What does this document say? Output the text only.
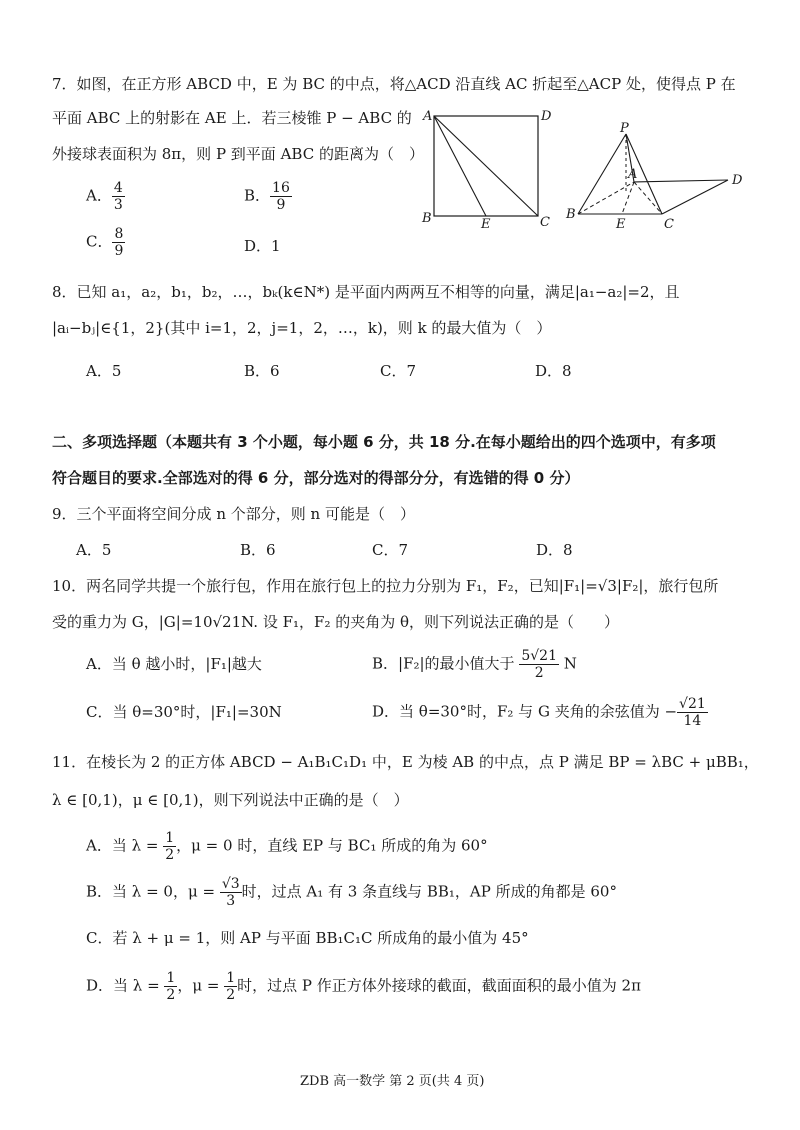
7．如图，在正方形 ABCD 中，E 为 BC 的中点，将△ACD 沿直线 AC 折起至△ACP 处，使得点 P 在
平面 ABC 上的射影在 AE 上．若三棱锥 P − ABC 的
外接球表面积为 8π，则 P 到平面 ABC 的距离为（　）
A． $\frac{4}{3}$	B． $\frac{16}{9}$
C． $\frac{8}{9}$	D．1
A	D
B	E	C
P
A	D
B
E	C
8．已知 a₁，a₂，b₁，b₂，…，bₖ(k∈N*) 是平面内两两互不相等的向量，满足|a₁−a₂|=2，且
|aᵢ−bⱼ|∈{1，2}(其中 i=1，2，j=1，2，…，k)，则 k 的最大值为（　）
A．5	B．6	C．7	D．8
二、多项选择题（本题共有 3 个小题，每小题 6 分，共 18 分.在每小题给出的四个选项中，有多项
符合题目的要求.全部选对的得 6 分，部分选对的得部分分，有选错的得 0 分）
9．三个平面将空间分成 n 个部分，则 n 可能是（　）
A．5	B．6	C．7	D．8
10．两名同学共提一个旅行包，作用在旅行包上的拉力分别为 F₁，F₂，已知|F₁|=√3|F₂|，旅行包所
受的重力为 G，|G|=10√21N. 设 F₁，F₂ 的夹角为 θ，则下列说法正确的是（　　）
A．当 θ 越小时，|F₁|越大	B．|F₂|的最小值大于 $\frac{5√21}{2}$ N
C．当 θ=30°时，|F₁|=30N	D．当 θ=30°时，F₂ 与 G 夹角的余弦值为 − $\frac{√21}{14}$
11．在棱长为 2 的正方体 ABCD − A₁B₁C₁D₁ 中，E 为棱 AB 的中点，点 P 满足 BP = λBC + μBB₁，
λ ∈ [0,1)，μ ∈ [0,1)，则下列说法中正确的是（　）
A．当 $\lambda = \frac{1}{2}$ ，μ = 0 时，直线 EP 与 BC₁ 所成的角为 60°
B．当 λ = 0，$\mu = \frac{√3}{3}$ 时，过点 A₁ 有 3 条直线与 BB₁，AP 所成的角都是 60°
C．若 λ + μ = 1，则 AP 与平面 BB₁C₁C 所成角的最小值为 45°
D．当 $\lambda = \frac{1}{2}$ ，$\mu = \frac{1}{2}$ 时，过点 P 作正方体外接球的截面，截面面积的最小值为 2π
ZDB 高一数学 第 2 页(共 4 页)
